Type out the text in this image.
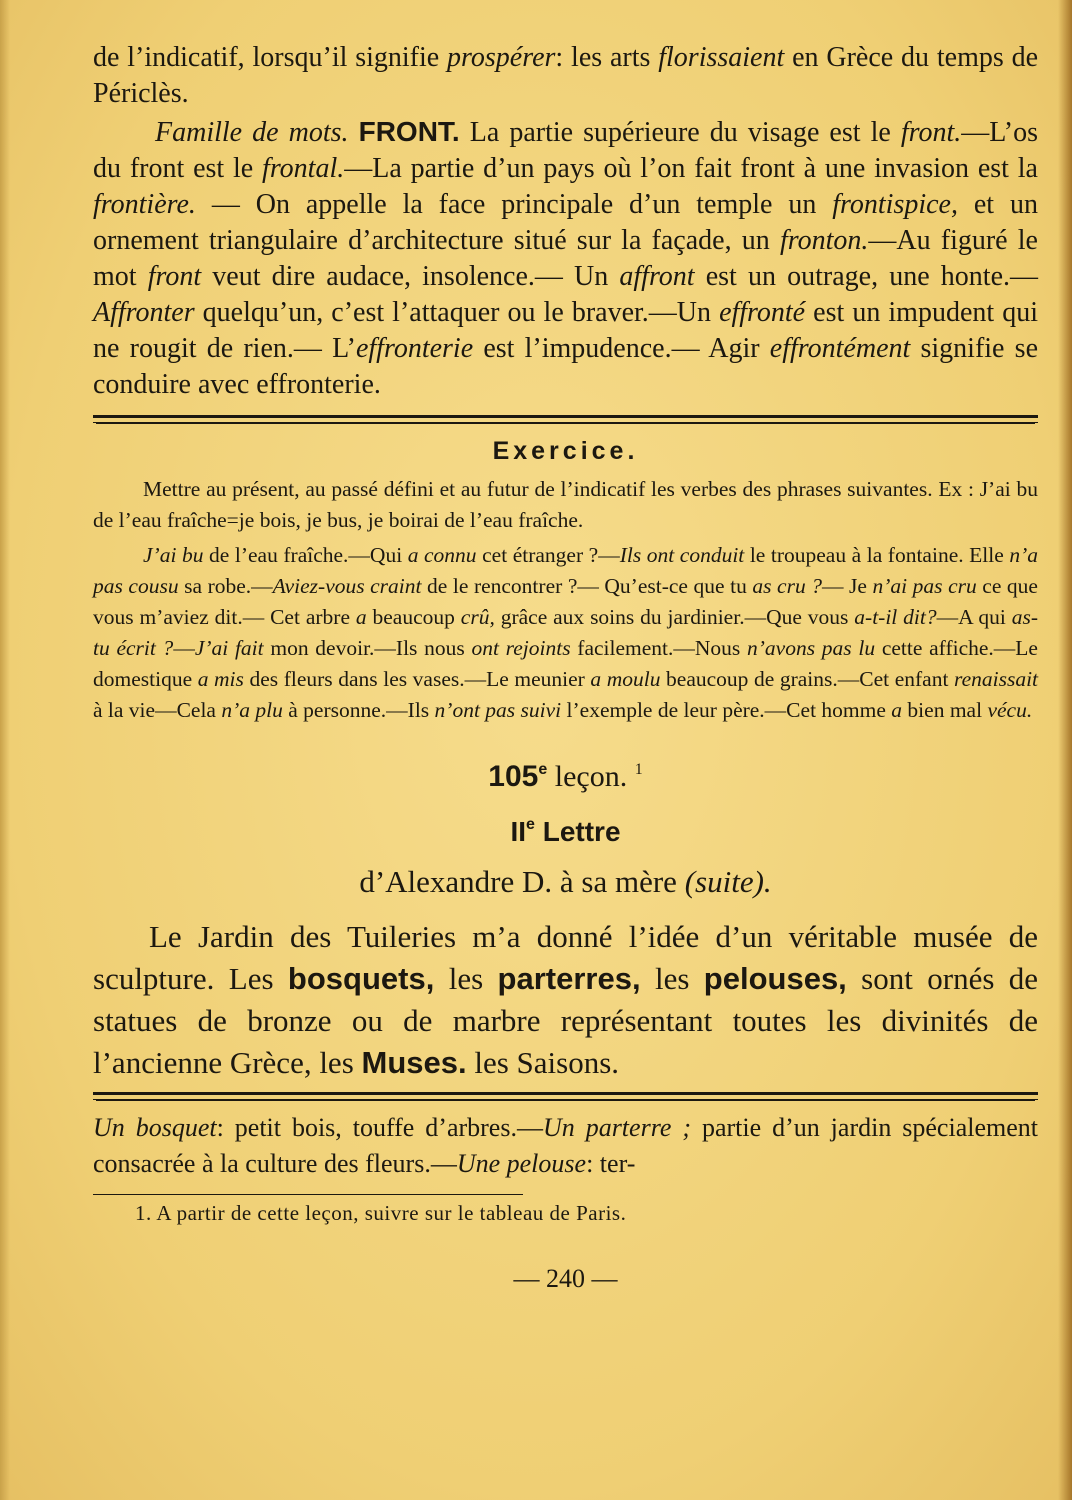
de l’indicatif, lorsqu’il signifie prospérer: les arts florissaient en Grèce du temps de Périclès.

Famille de mots. FRONT. La partie supérieure du visage est le front.—L’os du front est le frontal.—La partie d’un pays où l’on fait front à une invasion est la frontière. — On appelle la face principale d’un temple un frontispice, et un ornement triangulaire d’architecture situé sur la façade, un fronton.—Au figuré le mot front veut dire audace, insolence.— Un affront est un outrage, une honte.— Affronter quelqu’un, c’est l’attaquer ou le braver.—Un effronté est un impudent qui ne rougit de rien.— L’effronterie est l’impudence.— Agir effrontément signifie se conduire avec effronterie.

Exercice.

Mettre au présent, au passé défini et au futur de l’indicatif les verbes des phrases suivantes. Ex : J’ai bu de l’eau fraîche=je bois, je bus, je boirai de l’eau fraîche.

J’ai bu de l’eau fraîche.—Qui a connu cet étranger ?—Ils ont conduit le troupeau à la fontaine. Elle n’a pas cousu sa robe.—Aviez-vous craint de le rencontrer ?— Qu’est-ce que tu as cru ?— Je n’ai pas cru ce que vous m’aviez dit.— Cet arbre a beaucoup crû, grâce aux soins du jardinier.—Que vous a-t-il dit?—A qui as-tu écrit ?—J’ai fait mon devoir.—Ils nous ont rejoints facilement.—Nous n’avons pas lu cette affiche.—Le domestique a mis des fleurs dans les vases.—Le meunier a moulu beaucoup de grains.—Cet enfant renaissait à la vie—Cela n’a plu à personne.—Ils n’ont pas suivi l’exemple de leur père.—Cet homme a bien mal vécu.

105e leçon. $^1$
IIe Lettre
d’Alexandre D. à sa mère (suite).

Le Jardin des Tuileries m’a donné l’idée d’un véritable musée de sculpture. Les bosquets, les parterres, les pelouses, sont ornés de statues de bronze ou de marbre représentant toutes les divinités de l’ancienne Grèce, les Muses. les Saisons.

Un bosquet: petit bois, touffe d’arbres.—Un parterre ; partie d’un jardin spécialement consacrée à la culture des fleurs.—Une pelouse: ter-

1. A partir de cette leçon, suivre sur le tableau de Paris.

— 240 —
